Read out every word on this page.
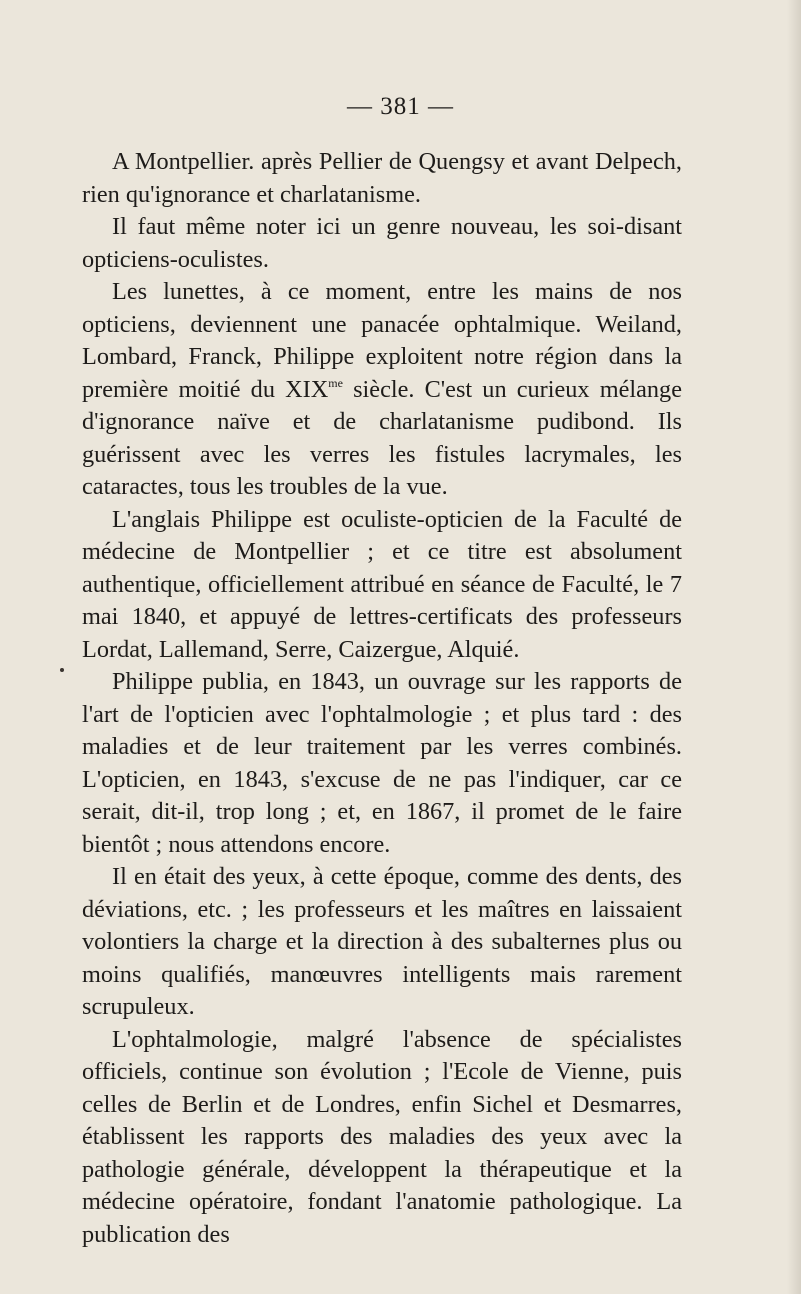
— 381 —

A Montpellier. après Pellier de Quengsy et avant Delpech, rien qu'ignorance et charlatanisme.

Il faut même noter ici un genre nouveau, les soi-disant opticiens-oculistes.

Les lunettes, à ce moment, entre les mains de nos opticiens, deviennent une panacée ophtalmique. Weiland, Lombard, Franck, Philippe exploitent notre région dans la première moitié du $XIX^{me}$ siècle. C'est un curieux mélange d'ignorance naïve et de charlatanisme pudibond. Ils guérissent avec les verres les fistules lacrymales, les cataractes, tous les troubles de la vue.

L'anglais Philippe est oculiste-opticien de la Faculté de médecine de Montpellier ; et ce titre est absolument authentique, officiellement attribué en séance de Faculté, le 7 mai 1840, et appuyé de lettres-certificats des professeurs Lordat, Lallemand, Serre, Caizergue, Alquié.

Philippe publia, en 1843, un ouvrage sur les rapports de l'art de l'opticien avec l'ophtalmologie ; et plus tard : des maladies et de leur traitement par les verres combinés. L'opticien, en 1843, s'excuse de ne pas l'indiquer, car ce serait, dit-il, trop long ; et, en 1867, il promet de le faire bientôt ; nous attendons encore.

Il en était des yeux, à cette époque, comme des dents, des déviations, etc. ; les professeurs et les maîtres en laissaient volontiers la charge et la direction à des subalternes plus ou moins qualifiés, manœuvres intelligents mais rarement scrupuleux.

L'ophtalmologie, malgré l'absence de spécialistes officiels, continue son évolution ; l'Ecole de Vienne, puis celles de Berlin et de Londres, enfin Sichel et Desmarres, établissent les rapports des maladies des yeux avec la pathologie générale, développent la thérapeutique et la médecine opératoire, fondant l'anatomie pathologique. La publication des
